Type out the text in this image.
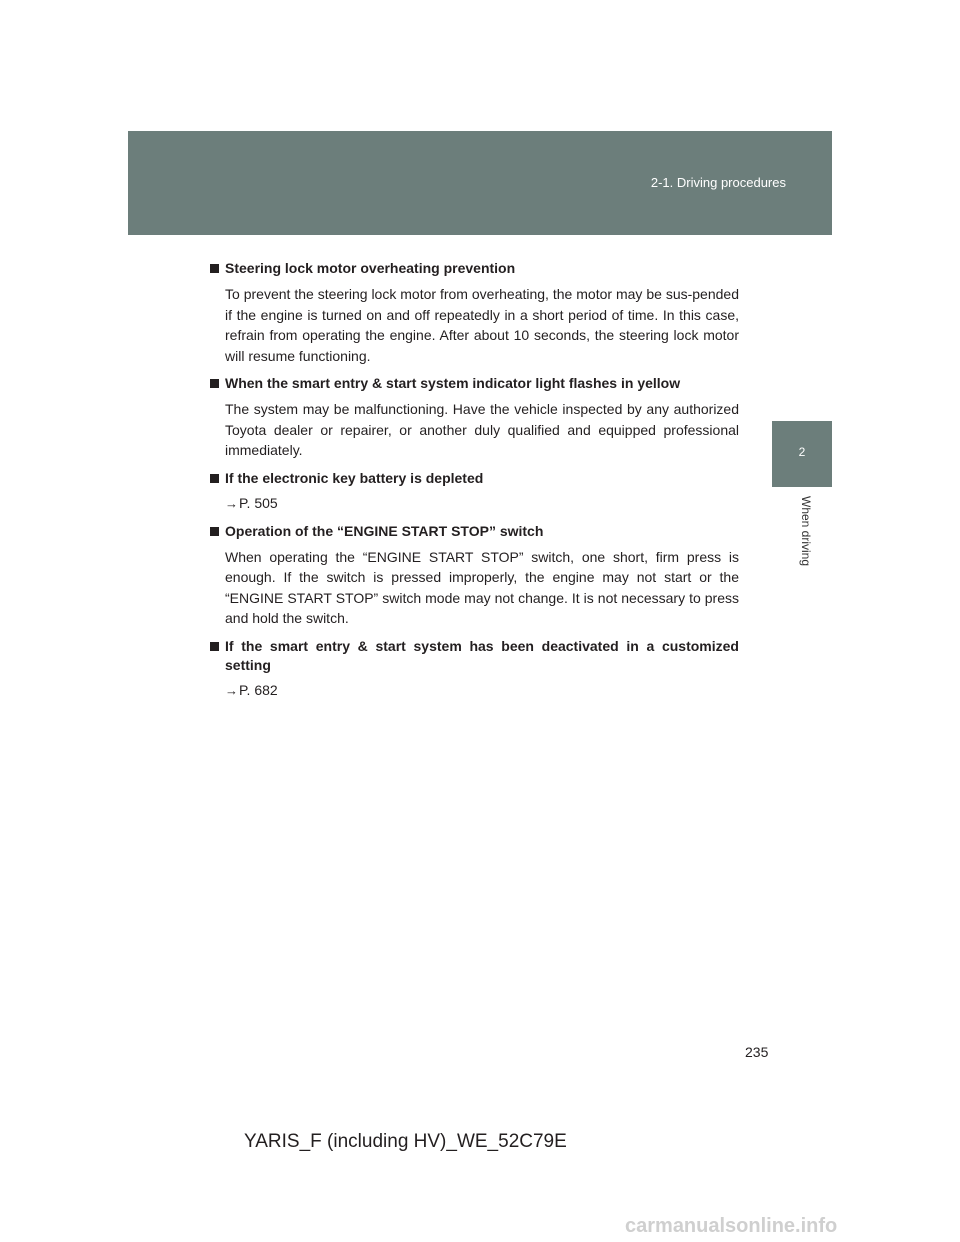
2-1. Driving procedures
2
When driving
Steering lock motor overheating prevention
To prevent the steering lock motor from overheating, the motor may be sus-pended if the engine is turned on and off repeatedly in a short period of time. In this case, refrain from operating the engine. After about 10 seconds, the steering lock motor will resume functioning.
When the smart entry & start system indicator light flashes in yellow
The system may be malfunctioning. Have the vehicle inspected by any authorized Toyota dealer or repairer, or another duly qualified and equipped professional immediately.
If the electronic key battery is depleted
→P. 505
Operation of the “ENGINE START STOP” switch
When operating the “ENGINE START STOP” switch, one short, firm press is enough. If the switch is pressed improperly, the engine may not start or the “ENGINE START STOP” switch mode may not change. It is not necessary to press and hold the switch.
If the smart entry & start system has been deactivated in a customized setting
→P. 682
235
YARIS_F (including HV)_WE_52C79E
carmanualsonline.info
